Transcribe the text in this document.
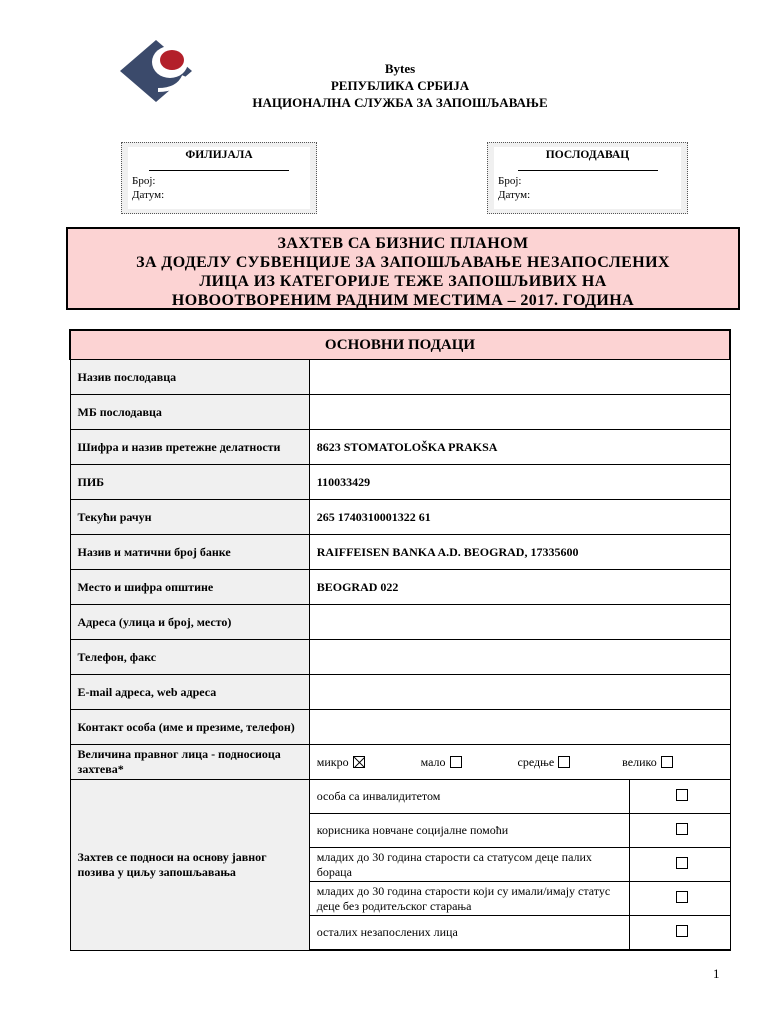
Bytes
РЕПУБЛИКА СРБИЈА
НАЦИОНАЛНА СЛУЖБА ЗА ЗАПОШЉАВАЊЕ
ФИЛИЈАЛА
Број:
Датум:
ПОСЛОДАВАЦ
Број:
Датум:
ЗАХТЕВ СА БИЗНИС ПЛАНОМ
ЗА ДОДЕЛУ СУБВЕНЦИЈЕ ЗА ЗАПОШЉАВАЊЕ НЕЗАПОСЛЕНИХ
ЛИЦА ИЗ КАТЕГОРИЈЕ ТЕЖЕ ЗАПОШЉИВИХ НА
НОВООТВОРЕНИМ РАДНИМ МЕСТИМА – 2017. ГОДИНА
ОСНОВНИ ПОДАЦИ		
Назив послодавца		
МБ послодавца		
Шифра и назив претежне делатности	8623 STOMATOLOŠKA PRAKSA	
ПИБ	110033429	
Текући рачун	265 1740310001322 61	
Назив и матични број банке	RAIFFEISEN BANKA A.D. BEOGRAD, 17335600	
Место и шифра општине	BEOGRAD 022	
Адреса (улица и број, место)		
Телефон, факс		
E-mail адреса, web адреса		
Контакт особа (име и презиме, телефон)		
Величина правног лица - подносиоца захтева*	микро мало средње велико	

Захтев се подноси на основу јавног позива у циљу запошљавања	особа са инвалидитетом	
	корисника новчане социјалне помоћи	
	младих до 30 година старости са статусом деце палих бораца	
	младих до 30 година старости који су имали/имају статус деце без родитељског старања	
	осталих незапослених лица	
1
